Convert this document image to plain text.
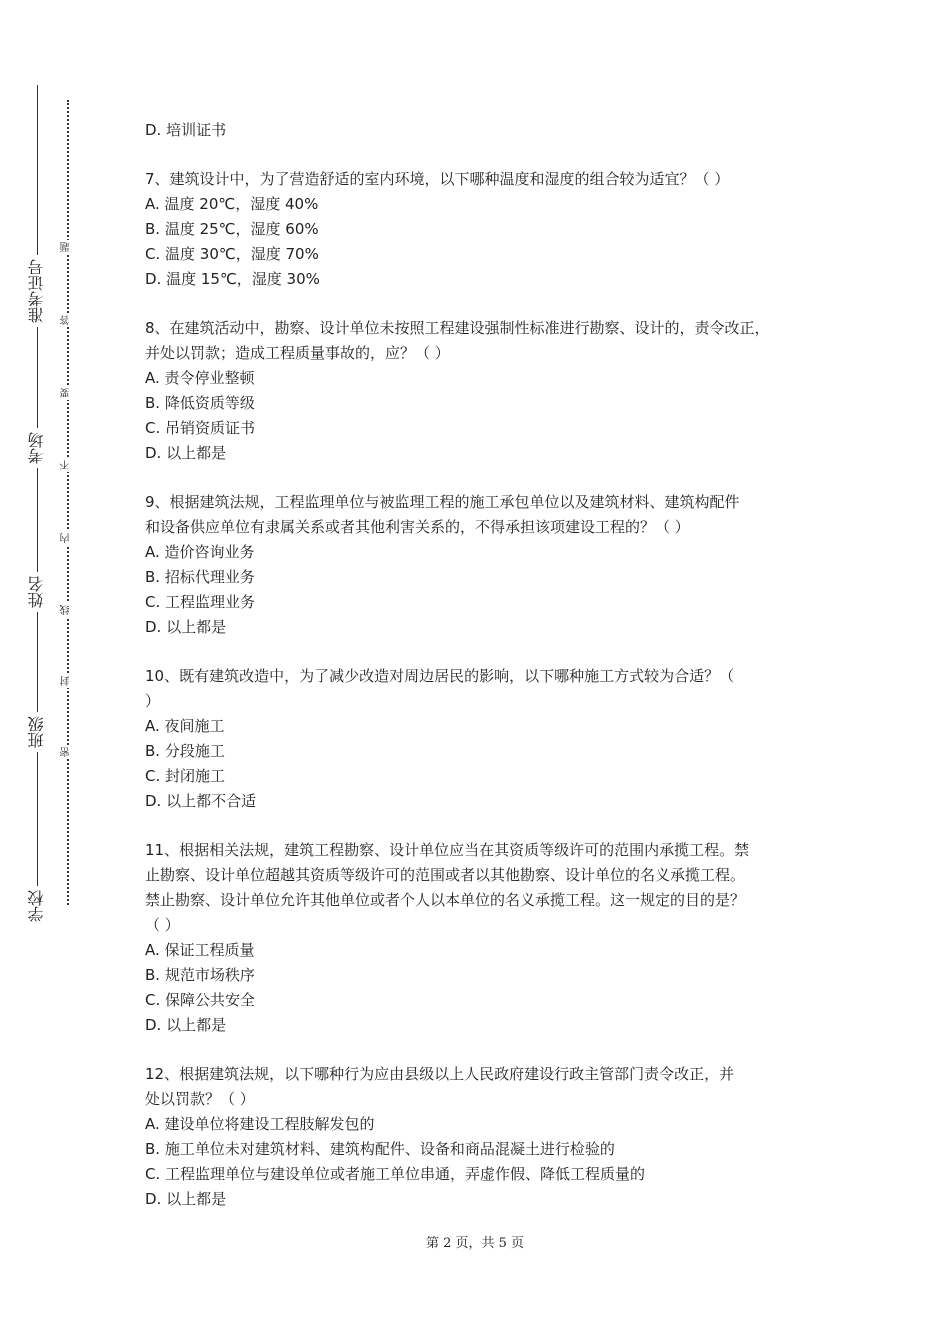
准考证号
考场
姓名
班级
学校
题
答
要
不
内
线
封
密

D. 培训证书

7、建筑设计中，为了营造舒适的室内环境，以下哪种温度和湿度的组合较为适宜？（ ）

A. 温度 20℃，湿度 40%

B. 温度 25℃，湿度 60%

C. 温度 30℃，湿度 70%

D. 温度 15℃，湿度 30%

8、在建筑活动中，勘察、设计单位未按照工程建设强制性标准进行勘察、设计的，责令改正，

并处以罚款；造成工程质量事故的，应？（ ）

A. 责令停业整顿

B. 降低资质等级

C. 吊销资质证书

D. 以上都是

9、根据建筑法规，工程监理单位与被监理工程的施工承包单位以及建筑材料、建筑构配件

和设备供应单位有隶属关系或者其他利害关系的，不得承担该项建设工程的？（ ）

A. 造价咨询业务

B. 招标代理业务

C. 工程监理业务

D. 以上都是

10、既有建筑改造中，为了减少改造对周边居民的影响，以下哪种施工方式较为合适？（

）

A. 夜间施工

B. 分段施工

C. 封闭施工

D. 以上都不合适

11、根据相关法规，建筑工程勘察、设计单位应当在其资质等级许可的范围内承揽工程。禁

止勘察、设计单位超越其资质等级许可的范围或者以其他勘察、设计单位的名义承揽工程。

禁止勘察、设计单位允许其他单位或者个人以本单位的名义承揽工程。这一规定的目的是？

（ ）

A. 保证工程质量

B. 规范市场秩序

C. 保障公共安全

D. 以上都是

12、根据建筑法规，以下哪种行为应由县级以上人民政府建设行政主管部门责令改正，并

处以罚款？（ ）

A. 建设单位将建设工程肢解发包的

B. 施工单位未对建筑材料、建筑构配件、设备和商品混凝土进行检验的

C. 工程监理单位与建设单位或者施工单位串通，弄虚作假、降低工程质量的

D. 以上都是

第 2 页，共 5 页
